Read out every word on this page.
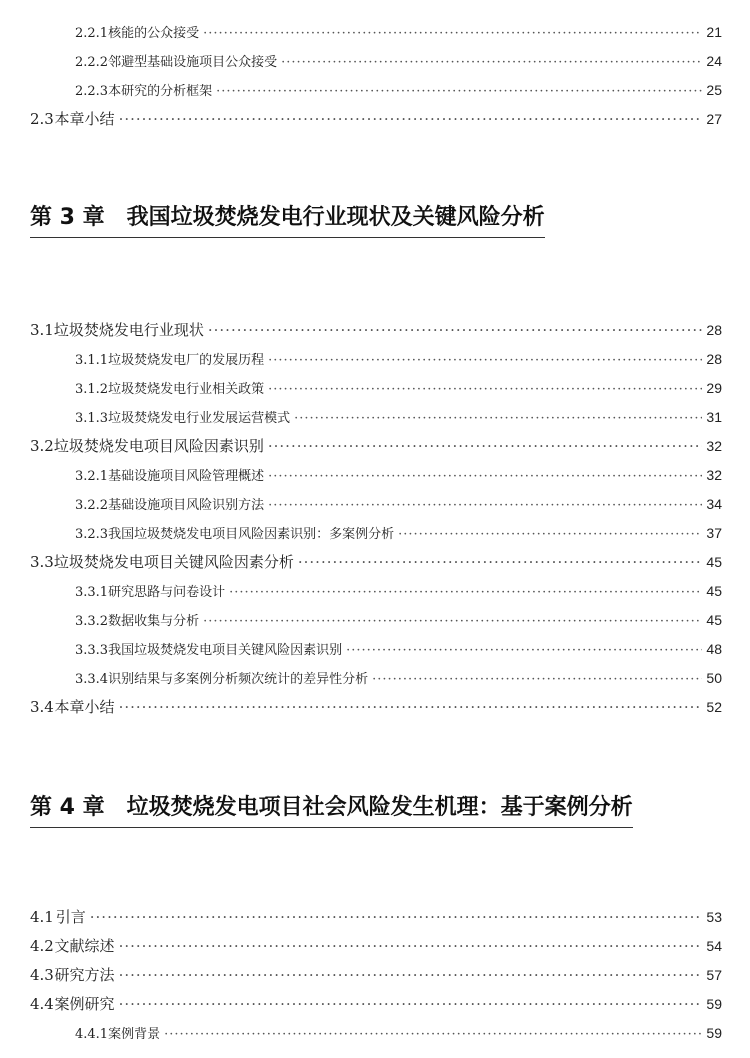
2.2.1 核能的公众接受 ·····	21
2.2.2 邻避型基础设施项目公众接受 ·····	24
2.2.3 本研究的分析框架 ·····	25
2.3 本章小结 ·····	27
第 3 章 我国垃圾焚烧发电行业现状及关键风险分析
3.1 垃圾焚烧发电行业现状 ·····	28
3.1.1 垃圾焚烧发电厂的发展历程 ·····	28
3.1.2 垃圾焚烧发电行业相关政策 ·····	29
3.1.3 垃圾焚烧发电行业发展运营模式 ·····	31
3.2 垃圾焚烧发电项目风险因素识别 ·····	32
3.2.1 基础设施项目风险管理概述 ·····	32
3.2.2 基础设施项目风险识别方法 ·····	34
3.2.3 我国垃圾焚烧发电项目风险因素识别：多案例分析 ·····	37
3.3 垃圾焚烧发电项目关键风险因素分析 ·····	45
3.3.1 研究思路与问卷设计 ·····	45
3.3.2 数据收集与分析 ·····	45
3.3.3 我国垃圾焚烧发电项目关键风险因素识别 ·····	48
3.3.4 识别结果与多案例分析频次统计的差异性分析 ·····	50
3.4 本章小结 ·····	52
第 4 章 垃圾焚烧发电项目社会风险发生机理：基于案例分析
4.1 引言 ·····	53
4.2 文献综述 ·····	54
4.3 研究方法 ·····	57
4.4 案例研究 ·····	59
4.4.1 案例背景 ·····	59
